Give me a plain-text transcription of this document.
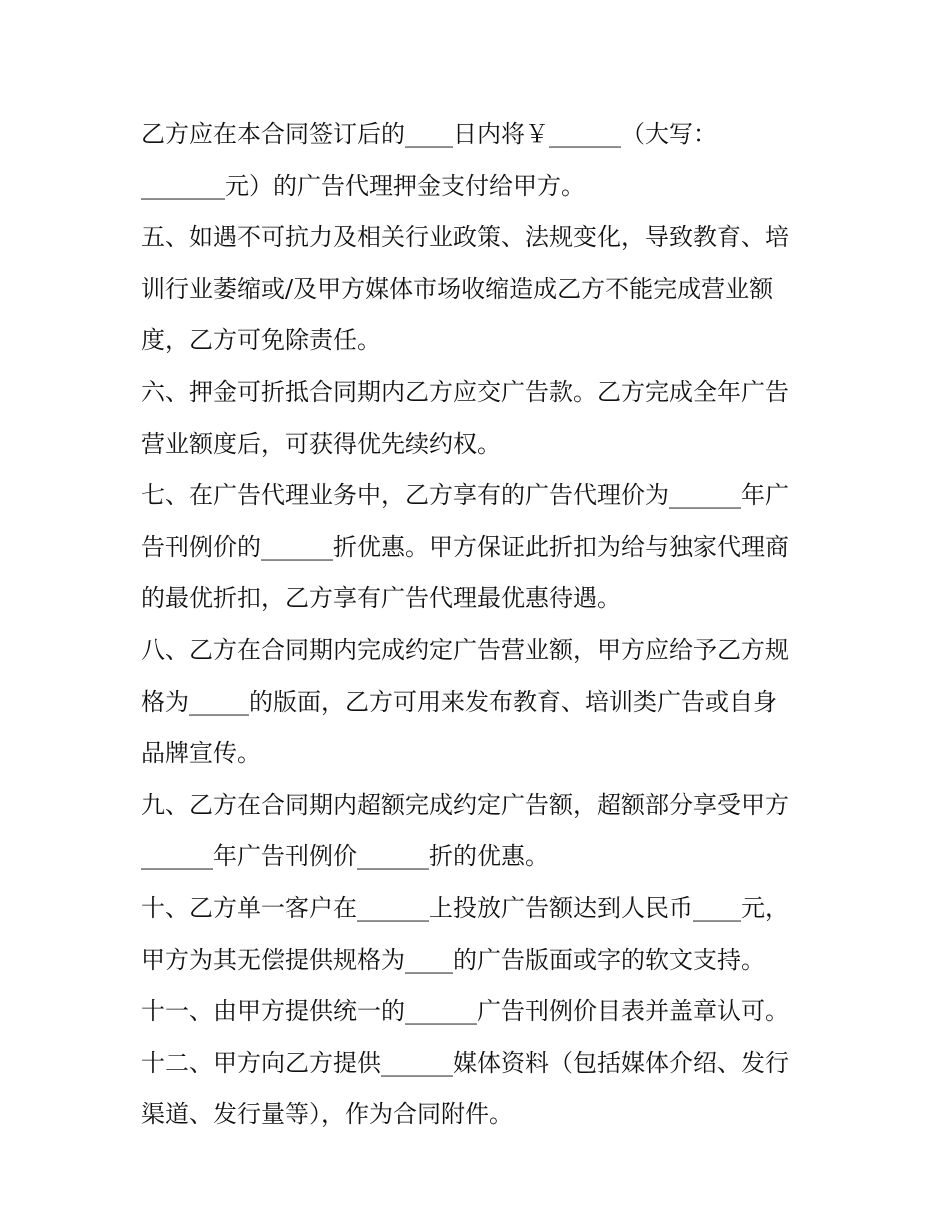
乙方应在本合同签订后的____日内将￥______（大写：
_______元）的广告代理押金支付给甲方。
五、如遇不可抗力及相关行业政策、法规变化，导致教育、培
训行业萎缩或/及甲方媒体市场收缩造成乙方不能完成营业额
度，乙方可免除责任。
六、押金可折抵合同期内乙方应交广告款。乙方完成全年广告
营业额度后，可获得优先续约权。
七、在广告代理业务中，乙方享有的广告代理价为______年广
告刊例价的______折优惠。甲方保证此折扣为给与独家代理商
的最优折扣，乙方享有广告代理最优惠待遇。
八、乙方在合同期内完成约定广告营业额，甲方应给予乙方规
格为_____的版面，乙方可用来发布教育、培训类广告或自身
品牌宣传。
九、乙方在合同期内超额完成约定广告额，超额部分享受甲方
______年广告刊例价______折的优惠。
十、乙方单一客户在______上投放广告额达到人民币____元，
甲方为其无偿提供规格为____的广告版面或字的软文支持。
十一、由甲方提供统一的______广告刊例价目表并盖章认可。
十二、甲方向乙方提供______媒体资料（包括媒体介绍、发行
渠道、发行量等），作为合同附件。
